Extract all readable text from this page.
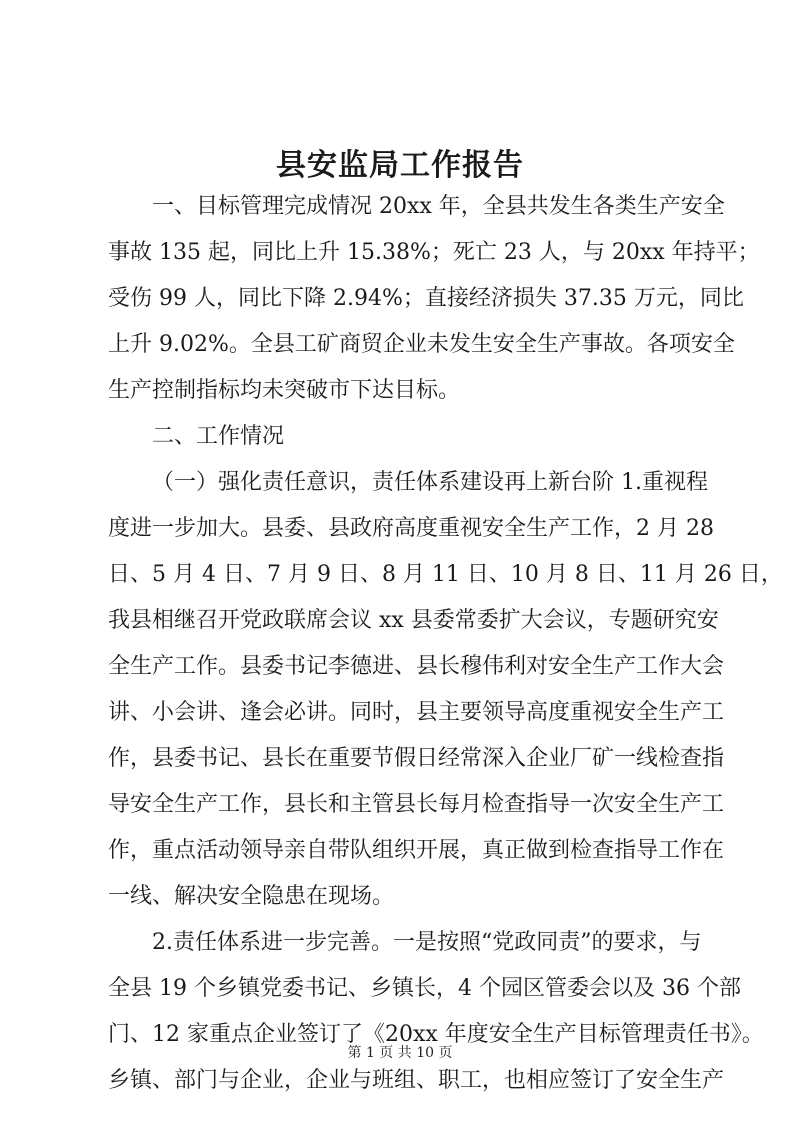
县安监局工作报告
一、目标管理完成情况 20xx 年，全县共发生各类生产安全
事故 135 起，同比上升 15.38%；死亡 23 人，与 20xx 年持平；
受伤 99 人，同比下降 2.94%；直接经济损失 37.35 万元，同比
上升 9.02%。全县工矿商贸企业未发生安全生产事故。各项安全
生产控制指标均未突破市下达目标。
二、工作情况
（一）强化责任意识，责任体系建设再上新台阶 1.重视程
度进一步加大。县委、县政府高度重视安全生产工作，2 月 28
日、5 月 4 日、7 月 9 日、8 月 11 日、10 月 8 日、11 月 26 日，
我县相继召开党政联席会议 xx 县委常委扩大会议，专题研究安
全生产工作。县委书记李德进、县长穆伟利对安全生产工作大会
讲、小会讲、逢会必讲。同时，县主要领导高度重视安全生产工
作，县委书记、县长在重要节假日经常深入企业厂矿一线检查指
导安全生产工作，县长和主管县长每月检查指导一次安全生产工
作，重点活动领导亲自带队组织开展，真正做到检查指导工作在
一线、解决安全隐患在现场。
2.责任体系进一步完善。一是按照“党政同责”的要求，与
全县 19 个乡镇党委书记、乡镇长，4 个园区管委会以及 36 个部
门、12 家重点企业签订了《20xx 年度安全生产目标管理责任书》。
乡镇、部门与企业，企业与班组、职工，也相应签订了安全生产
第 1 页 共 10 页
